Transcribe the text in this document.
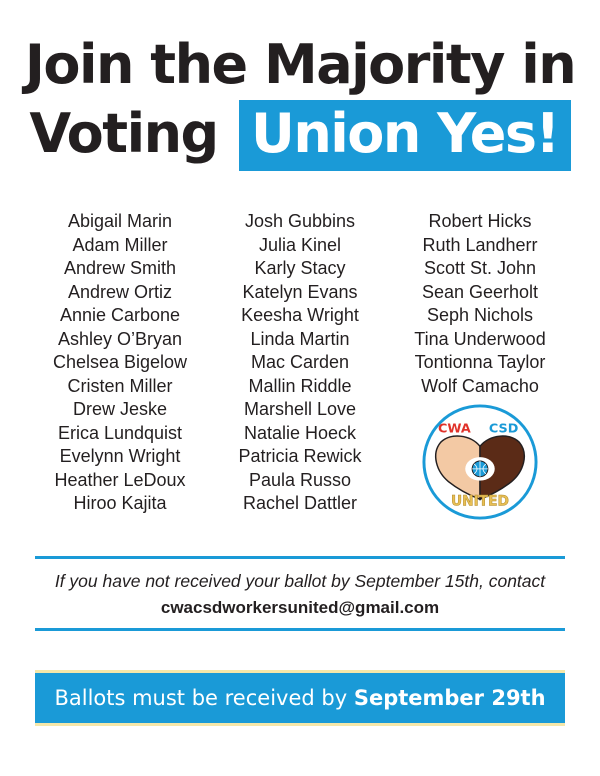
Join the Majority in
Voting Union Yes!
Abigail Marin
Adam Miller
Andrew Smith
Andrew Ortiz
Annie Carbone
Ashley O’Bryan
Chelsea Bigelow
Cristen Miller
Drew Jeske
Erica Lundquist
Evelynn Wright
Heather LeDoux
Hiroo Kajita
Josh Gubbins
Julia Kinel
Karly Stacy
Katelyn Evans
Keesha Wright
Linda Martin
Mac Carden
Mallin Riddle
Marshell Love
Natalie Hoeck
Patricia Rewick
Paula Russo
Rachel Dattler
Robert Hicks
Ruth Landherr
Scott St. John
Sean Geerholt
Seph Nichols
Tina Underwood
Tontionna Taylor
Wolf Camacho
CWA CSD
UNITED
If you have not received your ballot by September 15th, contact
cwacsdworkersunited@gmail.com
Ballots must be received by September 29th
